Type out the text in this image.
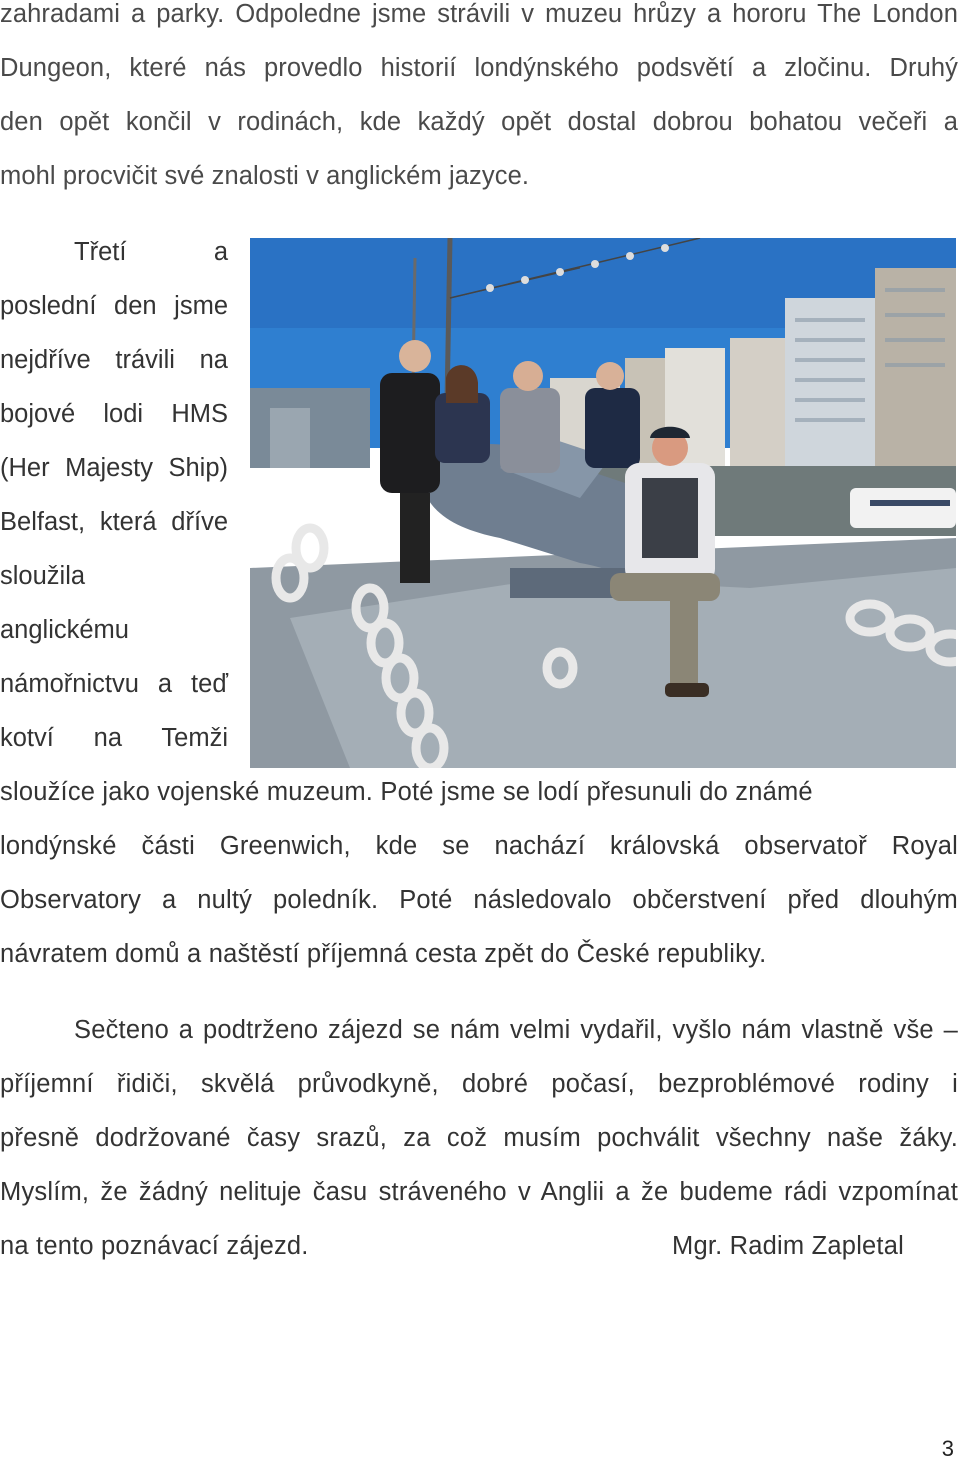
zahradami a parky. Odpoledne jsme strávili v muzeu hrůzy a hororu The London
Dungeon, které nás provedlo historií londýnského podsvětí a zločinu. Druhý
den opět končil v rodinách, kde každý opět dostal dobrou bohatou večeři a
mohl procvičit své znalosti v anglickém jazyce.
Třetí a
poslední den jsme
nejdříve trávili na
bojové lodi HMS
(Her Majesty Ship)
Belfast, která dříve
sloužila
anglickému
námořnictvu a teď
kotví na Temži
sloužíce jako vojenské muzeum. Poté jsme se lodí přesunuli do známé
londýnské části Greenwich, kde se nachází královská observatoř Royal
Observatory a nultý poledník. Poté následovalo občerstvení před dlouhým
návratem domů a naštěstí příjemná cesta zpět do České republiky.
Sečteno a podtrženo zájezd se nám velmi vydařil, vyšlo nám vlastně vše –
příjemní řidiči, skvělá průvodkyně, dobré počasí, bezproblémové rodiny i
přesně dodržované časy srazů, za což musím pochválit všechny naše žáky.
Myslím, že žádný nelituje času stráveného v Anglii a že budeme rádi vzpomínat
na tento poznávací zájezd.	Mgr. Radim Zapletal
3
